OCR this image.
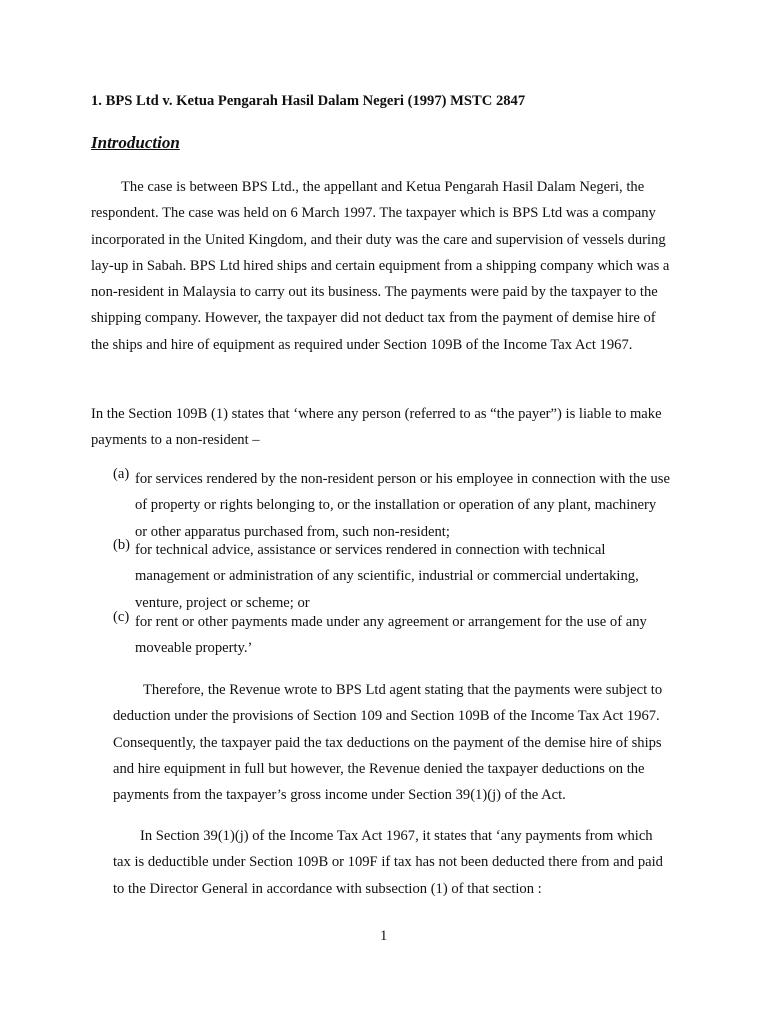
1. BPS Ltd v. Ketua Pengarah Hasil Dalam Negeri (1997) MSTC 2847
Introduction

The case is between BPS Ltd., the appellant and Ketua Pengarah Hasil Dalam Negeri, the respondent. The case was held on 6 March 1997. The taxpayer which is BPS Ltd was a company incorporated in the United Kingdom, and their duty was the care and supervision of vessels during lay-up in Sabah. BPS Ltd hired ships and certain equipment from a shipping company which was a non-resident in Malaysia to carry out its business. The payments were paid by the taxpayer to the shipping company. However, the taxpayer did not deduct tax from the payment of demise hire of the ships and hire of equipment as required under Section 109B of the Income Tax Act 1967.

In the Section 109B (1) states that ‘where any person (referred to as “the payer”) is liable to make payments to a non-resident –

(a) for services rendered by the non-resident person or his employee in connection with the use of property or rights belonging to, or the installation or operation of any plant, machinery or other apparatus purchased from, such non-resident;
(b) for technical advice, assistance or services rendered in connection with technical management or administration of any scientific, industrial or commercial undertaking, venture, project or scheme; or
(c) for rent or other payments made under any agreement or arrangement for the use of any moveable property.’

Therefore, the Revenue wrote to BPS Ltd agent stating that the payments were subject to deduction under the provisions of Section 109 and Section 109B of the Income Tax Act 1967. Consequently, the taxpayer paid the tax deductions on the payment of the demise hire of ships and hire equipment in full but however, the Revenue denied the taxpayer deductions on the payments from the taxpayer’s gross income under Section 39(1)(j) of the Act.

In Section 39(1)(j) of the Income Tax Act 1967, it states that ‘any payments from which tax is deductible under Section 109B or 109F if tax has not been deducted there from and paid to the Director General in accordance with subsection (1) of that section :

1
